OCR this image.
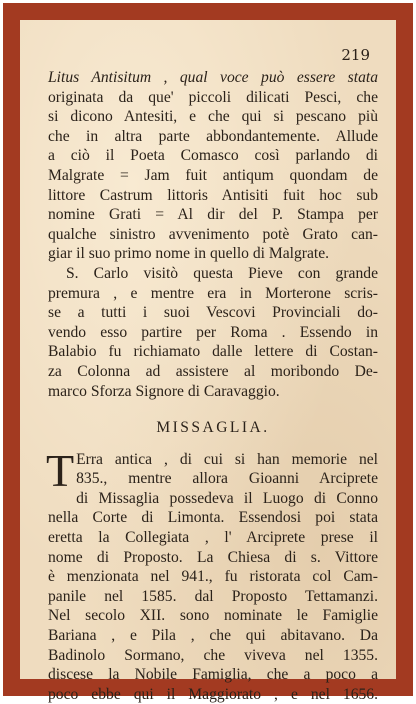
219
Litus Antisitum , qual voce può essere stata
originata da que' piccoli dilicati Pesci, che
si dicono Antesiti, e che qui si pescano più
che in altra parte abbondantemente. Allude
a ciò il Poeta Comasco così parlando di
Malgrate = Jam fuit antiqum quondam de
littore Castrum littoris Antisiti fuit hoc sub
nomine Grati = Al dir del P. Stampa per
qualche sinistro avvenimento potè Grato can-
giar il suo primo nome in quello di Malgrate.
S. Carlo visitò questa Pieve con grande
premura , e mentre era in Morterone scris-
se a tutti i suoi Vescovi Provinciali do-
vendo esso partire per Roma . Essendo in
Balabio fu richiamato dalle lettere di Costan-
za Colonna ad assistere al moribondo De-
marco Sforza Signore di Caravaggio.
MISSAGLIA.
T Erra antica , di cui si han memorie nel
835., mentre allora Gioanni Arciprete
di Missaglia possedeva il Luogo di Conno
nella Corte di Limonta. Essendosi poi stata
eretta la Collegiata , l' Arciprete prese il
nome di Proposto. La Chiesa di s. Vittore
è menzionata nel 941., fu ristorata col Cam-
panile nel 1585. dal Proposto Tettamanzi.
Nel secolo XII. sono nominate le Famiglie
Bariana , e Pila , che qui abitavano. Da
Badinolo Sormano, che viveva nel 1355.
discese la Nobile Famiglia, che a poco a
poco ebbe qui il Maggiorato , e nel 1656.
